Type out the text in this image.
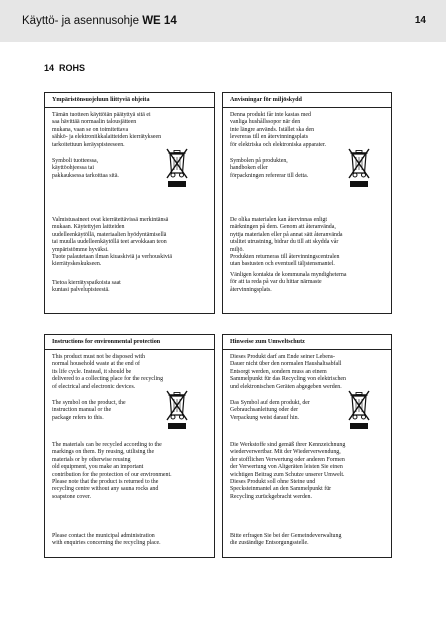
Käyttö- ja asennusohje WE 14	14
14 ROHS
Ympäristönsuojeluun liittyviä ohjeita
Tämän tuotteen käyttöiän päätyttyä sitä ei
saa hävittää normaalin talousjätteen
mukana, vaan se on toimitettava
sähkö- ja elektroniikkalaitteiden kierrätykseen
tarkoitettuun keräyspisteeseen.
Symboli tuotteessa,
käyttöohjeessa tai
pakkauksessa tarkoittaa sitä.
Valmistusaineet ovat kierrätettävissä merkintänsä
mukaan. Käytettyjen laitteiden
uudelleenkäytöllä, materiaalien hyödyntämisellä
tai muulla uudelleenkäytöllä teet arvokkaan teon
ympäristömme hyväksi.
Tuote palautetaan ilman kiuaskiviä ja verhouskiviä
kierrätyskeskukseen.
Tietoa kierrätyspaikoista saat
kuntasi palvelupisteestä.
Anvisningar för miljöskydd
Denna produkt får inte kastas med
vanliga hushållssopor när den
inte längre används. Istället ska den
levereras till en återvinningsplats
för elektriska och elektroniska apparater.
Symbolen på produkten,
handboken eller
förpackningen refererar till detta.
De olika materialen kan återvinnas enligt
märkningen på dem. Genom att återanvända,
nyttja materialen eller på annat sätt återanvända
utslitet utrustning, bidrar du till att skydda vår
miljö.
Produkten returneras till återvinningscentralen
utan bastusten och eventuell täljstensmantel.
Vänligen kontakta de kommunala myndigheterna
för att ta reda på var du hittar närmaste
återvinningsplats.
Instructions for environmental protection
This product must not be disposed with
normal household waste at the end of
its life cycle. Instead, it should be
delivered to a collecting place for the recycling
of electrical and electronic devices.
The symbol on the product, the
instruction manual or the
package refers to this.
The materials can be recycled according to the
markings on them. By reusing, utilising the
materials or by otherwise reusing
old equipment, you make an important
contribution for the protection of our environment.
Please note that the product is returned to the
recycling centre without any sauna rocks and
soapstone cover.
Please contact the municipal administration
with enquiries concerning the recycling place.
Hinweise zum Umweltschutz
Dieses Produkt darf am Ende seiner Lebens-
Dauer nicht über den normalen Haushaltsabfall
Entsorgt werden, sondern muss an einem
Sammelpunkt für das Recycling von elektrischen
und elektronischen Geräten abgegeben werden.
Das Symbol auf dem produkt, der
Gebrauchsanleitung oder der
Verpackung weist darauf hin.
Die Werkstoffe sind gemäß ihrer Kennzeichnung
wiederverwertbar. Mit der Wiederverwendung,
der stofflichen Verwertung oder anderen Formen
der Verwertung von Altgeräten leisten Sie einen
wichtigen Beitrag zum Schutze unserer Umwelt.
Dieses Produkt soll ohne Steine und
Specksteinmantel an den Sammelpunkt für
Recycling zurückgebracht werden.
Bitte erfragen Sie bei der Gemeindeverwaltung
die zuständige Entsorgungsstelle.
